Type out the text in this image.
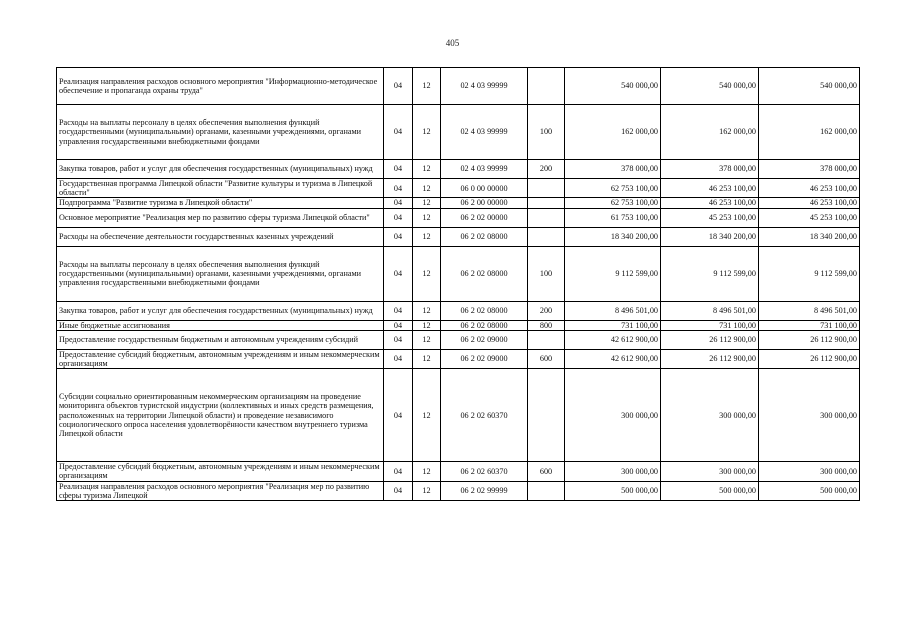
405
Реализация направления расходов основного мероприятия "Информационно-методическое обеспечение и пропаганда охраны труда"	04	12	02 4 03 99999		540 000,00	540 000,00	540 000,00
Расходы на выплаты персоналу в целях обеспечения выполнения функций государственными (муниципальными) органами, казенными учреждениями, органами управления государственными внебюджетными фондами	04	12	02 4 03 99999	100	162 000,00	162 000,00	162 000,00
Закупка товаров, работ и услуг для обеспечения государственных (муниципальных) нужд	04	12	02 4 03 99999	200	378 000,00	378 000,00	378 000,00
Государственная программа Липецкой области "Развитие культуры и туризма в Липецкой области"	04	12	06 0 00 00000		62 753 100,00	46 253 100,00	46 253 100,00
Подпрограмма "Развитие туризма в Липецкой области"	04	12	06 2 00 00000		62 753 100,00	46 253 100,00	46 253 100,00
Основное мероприятие "Реализация мер по развитию сферы туризма Липецкой области"	04	12	06 2 02 00000		61 753 100,00	45 253 100,00	45 253 100,00
Расходы на обеспечение деятельности государственных казенных учреждений	04	12	06 2 02 08000		18 340 200,00	18 340 200,00	18 340 200,00
Расходы на выплаты персоналу в целях обеспечения выполнения функций государственными (муниципальными) органами, казенными учреждениями, органами управления государственными внебюджетными фондами	04	12	06 2 02 08000	100	9 112 599,00	9 112 599,00	9 112 599,00
Закупка товаров, работ и услуг для обеспечения государственных (муниципальных) нужд	04	12	06 2 02 08000	200	8 496 501,00	8 496 501,00	8 496 501,00
Иные бюджетные ассигнования	04	12	06 2 02 08000	800	731 100,00	731 100,00	731 100,00
Предоставление государственным бюджетным и автономным учреждениям субсидий	04	12	06 2 02 09000		42 612 900,00	26 112 900,00	26 112 900,00
Предоставление субсидий бюджетным, автономным учреждениям и иным некоммерческим организациям	04	12	06 2 02 09000	600	42 612 900,00	26 112 900,00	26 112 900,00
Субсидии социально ориентированным некоммерческим организациям на проведение мониторинга объектов туристской индустрии (коллективных и иных средств размещения, расположенных на территории Липецкой области) и проведение независимого социологического опроса населения удовлетворённости качеством внутреннего туризма Липецкой области	04	12	06 2 02 60370		300 000,00	300 000,00	300 000,00
Предоставление субсидий бюджетным, автономным учреждениям и иным некоммерческим организациям	04	12	06 2 02 60370	600	300 000,00	300 000,00	300 000,00
Реализация направления расходов основного мероприятия "Реализация мер по развитию сферы туризма Липецкой	04	12	06 2 02 99999		500 000,00	500 000,00	500 000,00
